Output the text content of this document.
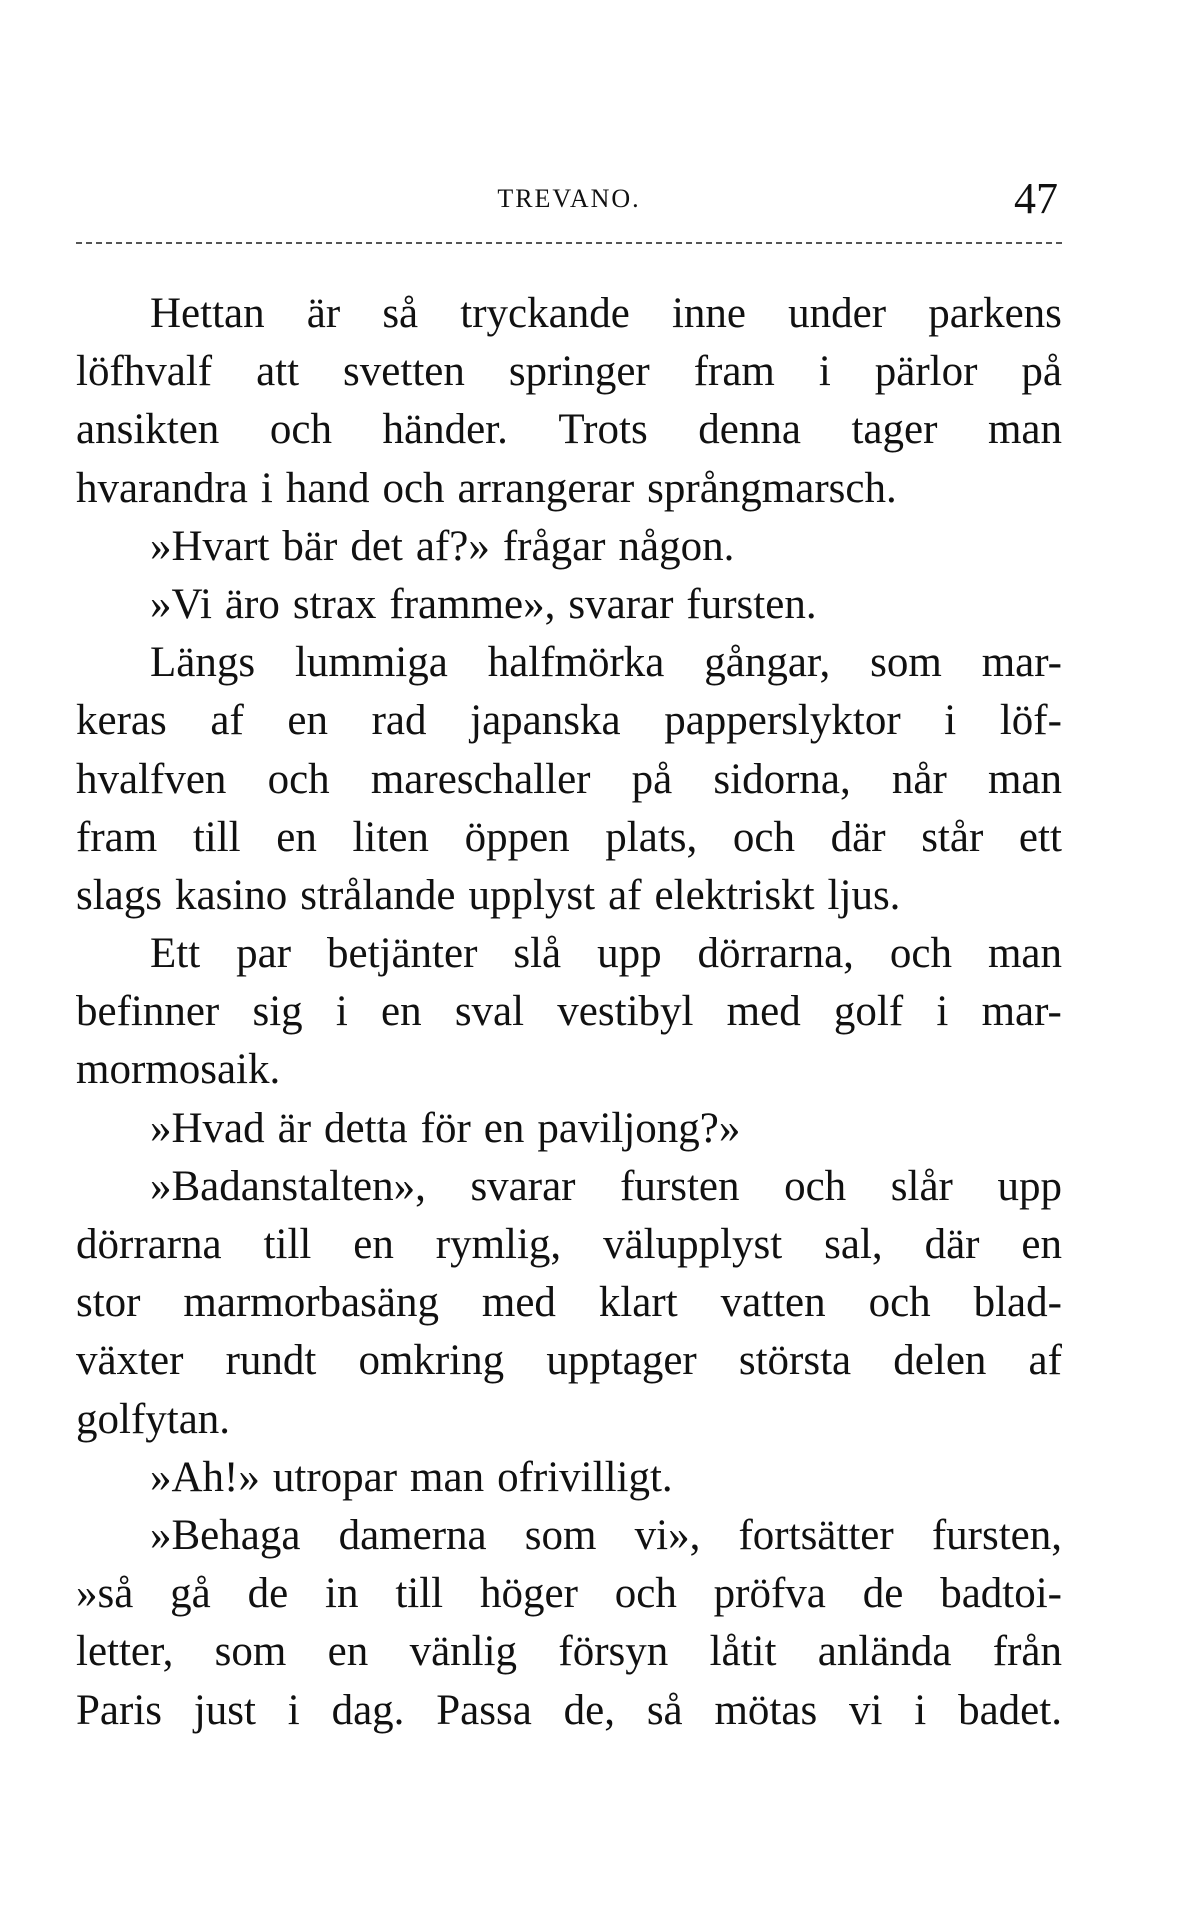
TREVANO.	47
Hettan är så tryckande inne under parkens
löfhvalf att svetten springer fram i pärlor på
ansikten och händer. Trots denna tager man
hvarandra i hand och arrangerar språngmarsch.
»Hvart bär det af?» frågar någon.
»Vi äro strax framme», svarar fursten.
Längs lummiga halfmörka gångar, som mar-
keras af en rad japanska papperslyktor i löf-
hvalfven och mareschaller på sidorna, når man
fram till en liten öppen plats, och där står ett
slags kasino strålande upplyst af elektriskt ljus.
Ett par betjänter slå upp dörrarna, och man
befinner sig i en sval vestibyl med golf i mar-
mormosaik.
»Hvad är detta för en paviljong?»
»Badanstalten», svarar fursten och slår upp
dörrarna till en rymlig, välupplyst sal, där en
stor marmorbasäng med klart vatten och blad-
växter rundt omkring upptager största delen af
golfytan.
»Ah!» utropar man ofrivilligt.
»Behaga damerna som vi», fortsätter fursten,
»så gå de in till höger och pröfva de badtoi-
letter, som en vänlig försyn låtit anlända från
Paris just i dag. Passa de, så mötas vi i badet.
